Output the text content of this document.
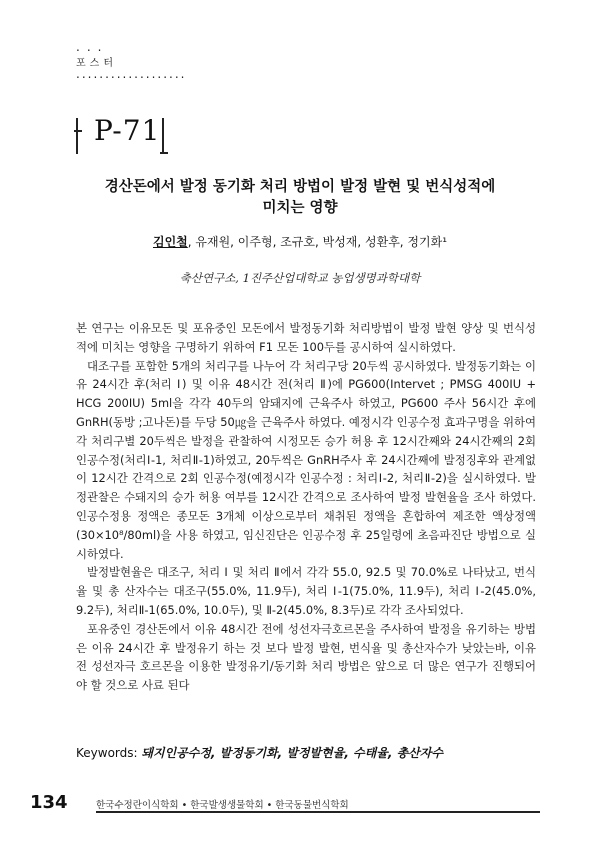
...
포스터
...................
P-71
경산돈에서 발정 동기화 처리 방법이 발정 발현 및 번식성적에
미치는 영향
김인철, 유재원, 이주형, 조규호, 박성재, 성환후, 정기화¹
축산연구소, 1진주산업대학교 농업생명과학대학

본 연구는 이유모돈 및 포유중인 모돈에서 발정동기화 처리방법이 발정 발현 양상 및 번식성적에 미치는 영향을 구명하기 위하여 F1 모돈 100두를 공시하여 실시하였다.

대조구를 포함한 5개의 처리구를 나누어 각 처리구당 20두씩 공시하였다. 발정동기화는 이유 24시간 후(처리 Ⅰ) 및 이유 48시간 전(처리 Ⅱ)에 PG600(Intervet ; PMSG 400IU + HCG 200IU) 5ml을 각각 40두의 암돼지에 근육주사 하였고, PG600 주사 56시간 후에 GnRH(동방 ;고나돈)를 두당 50㎍을 근육주사 하였다. 예정시각 인공수정 효과구명을 위하여 각 처리구별 20두씩은 발정을 관찰하여 시정모돈 승가 허용 후 12시간째와 24시간째의 2회 인공수정(처리Ⅰ-1, 처리Ⅱ-1)하였고, 20두씩은 GnRH주사 후 24시간째에 발정징후와 관계없이 12시간 간격으로 2회 인공수정(예정시각 인공수정 : 처리Ⅰ-2, 처리Ⅱ-2)을 실시하였다. 발정관찰은 수돼지의 승가 허용 여부를 12시간 간격으로 조사하여 발정 발현율을 조사 하였다. 인공수정용 정액은 종모돈 3개체 이상으로부터 채취된 정액을 혼합하여 제조한 액상정액(30×10⁸/80ml)을 사용 하였고, 임신진단은 인공수정 후 25일령에 초음파진단 방법으로 실시하였다.

발정발현율은 대조구, 처리 Ⅰ 및 처리 Ⅱ에서 각각 55.0, 92.5 및 70.0%로 나타났고, 번식율 및 총 산자수는 대조구(55.0%, 11.9두), 처리 Ⅰ-1(75.0%, 11.9두), 처리 Ⅰ-2(45.0%, 9.2두), 처리Ⅱ-1(65.0%, 10.0두), 및 Ⅱ-2(45.0%, 8.3두)로 각각 조사되었다.

포유중인 경산돈에서 이유 48시간 전에 성선자극호르몬을 주사하여 발정을 유기하는 방법은 이유 24시간 후 발정유기 하는 것 보다 발정 발현, 번식율 및 총산자수가 낮았는바, 이유 전 성선자극 호르몬을 이용한 발정유기/동기화 처리 방법은 앞으로 더 많은 연구가 진행되어야 할 것으로 사료 된다

Keywords: 돼지인공수정, 발정동기화, 발정발현율, 수태율, 총산자수
134	한국수정란이식학회 • 한국발생생물학회 • 한국동물번식학회
